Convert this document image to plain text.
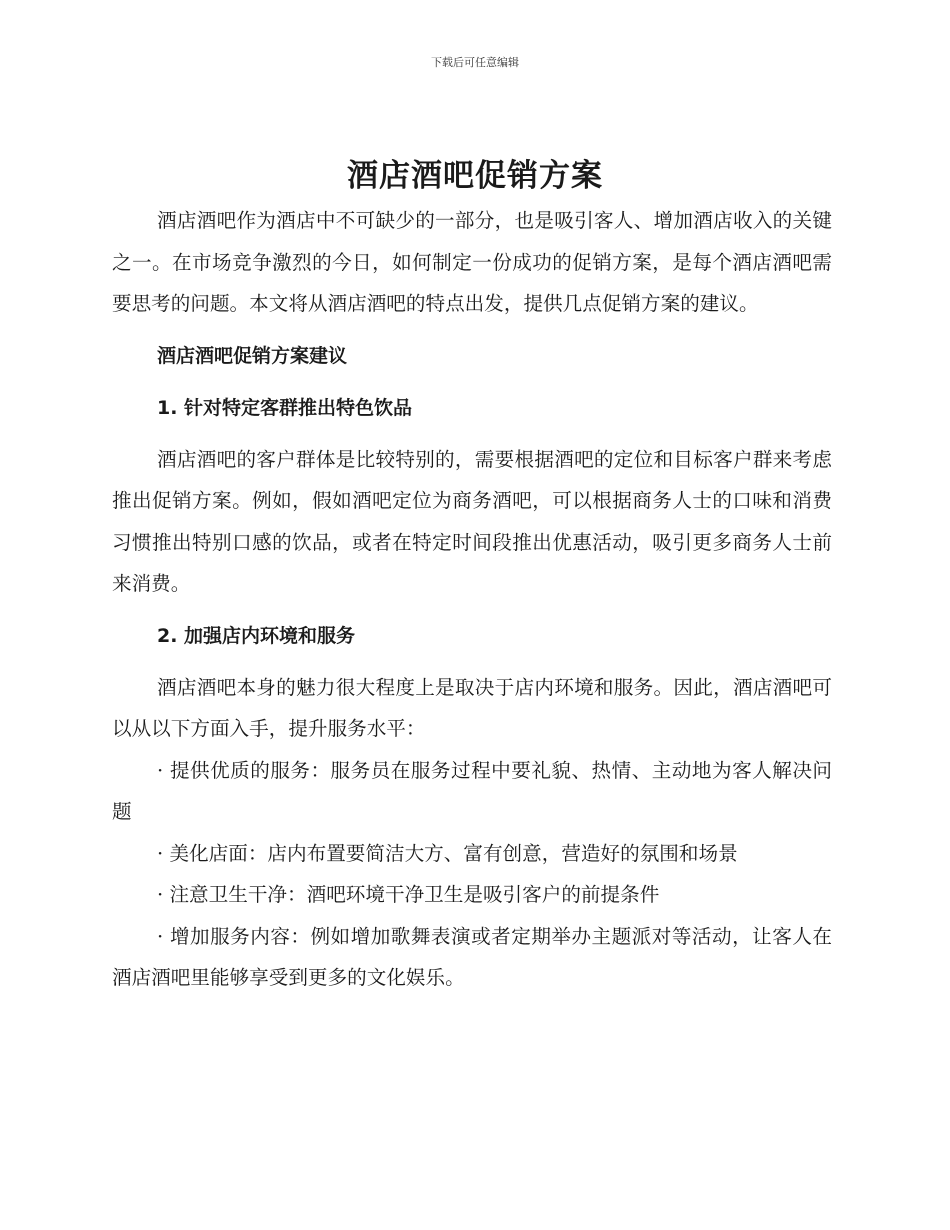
下载后可任意编辑
酒店酒吧促销方案

酒店酒吧作为酒店中不可缺少的一部分，也是吸引客人、增加酒店收入的关键之一。在市场竞争激烈的今日，如何制定一份成功的促销方案，是每个酒店酒吧需要思考的问题。本文将从酒店酒吧的特点出发，提供几点促销方案的建议。

酒店酒吧促销方案建议

1. 针对特定客群推出特色饮品

酒店酒吧的客户群体是比较特别的，需要根据酒吧的定位和目标客户群来考虑推出促销方案。例如，假如酒吧定位为商务酒吧，可以根据商务人士的口味和消费习惯推出特别口感的饮品，或者在特定时间段推出优惠活动，吸引更多商务人士前来消费。

2. 加强店内环境和服务

酒店酒吧本身的魅力很大程度上是取决于店内环境和服务。因此，酒店酒吧可以从以下方面入手，提升服务水平：

· 提供优质的服务：服务员在服务过程中要礼貌、热情、主动地为客人解决问题

· 美化店面：店内布置要简洁大方、富有创意，营造好的氛围和场景

· 注意卫生干净：酒吧环境干净卫生是吸引客户的前提条件

· 增加服务内容：例如增加歌舞表演或者定期举办主题派对等活动，让客人在酒店酒吧里能够享受到更多的文化娱乐。
